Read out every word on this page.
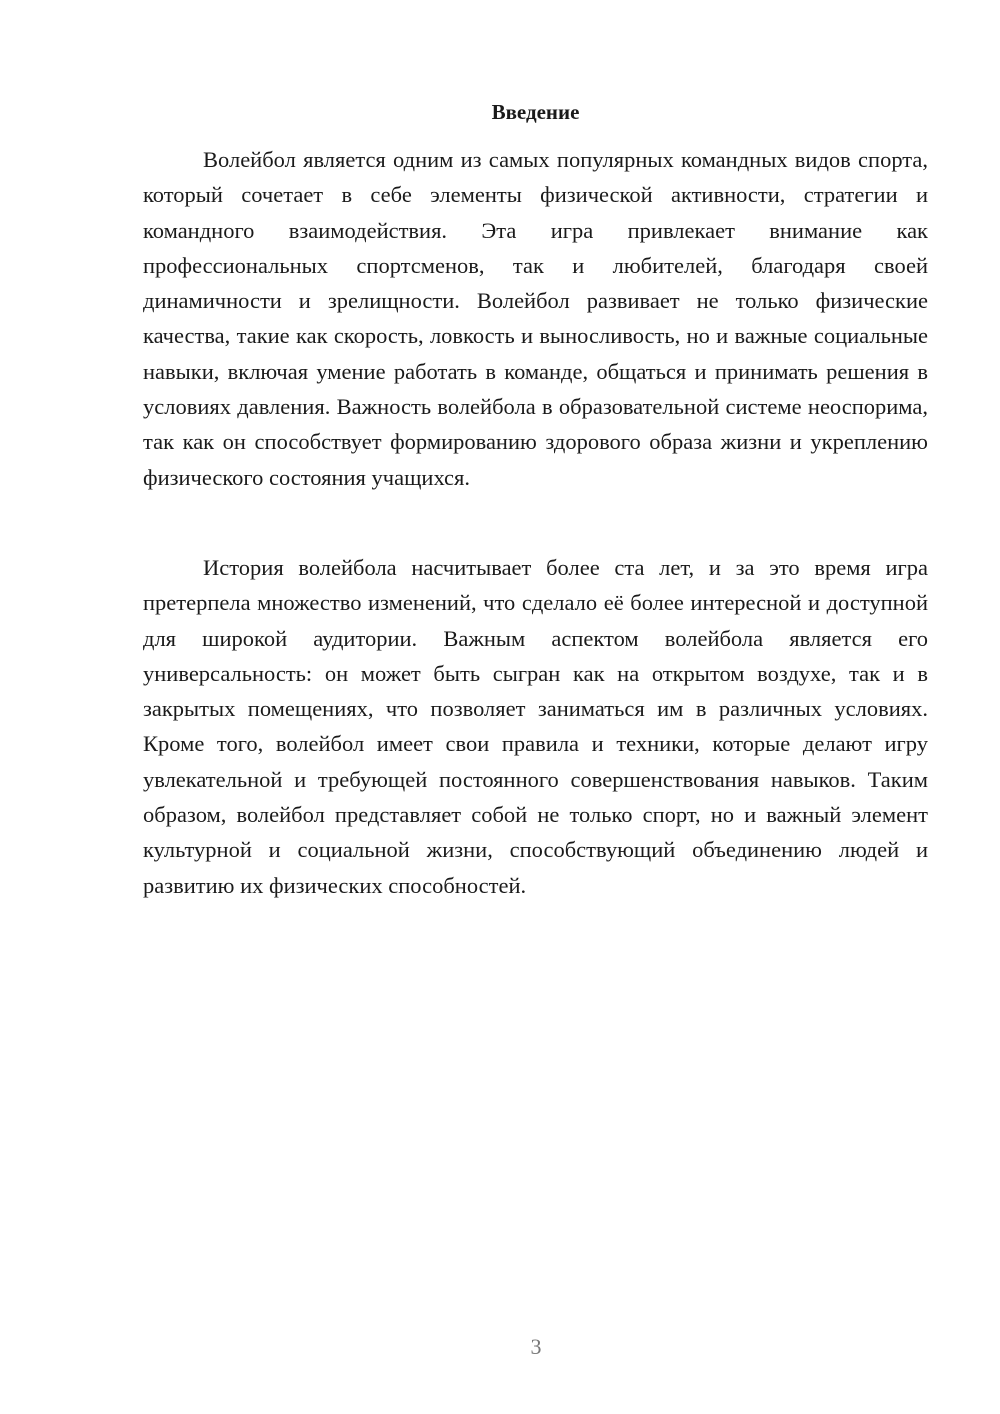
Введение

Волейбол является одним из самых популярных командных видов спорта, который сочетает в себе элементы физической активности, стратегии и командного взаимодействия. Эта игра привлекает внимание как профессиональных спортсменов, так и любителей, благодаря своей динамичности и зрелищности. Волейбол развивает не только физические качества, такие как скорость, ловкость и выносливость, но и важные социальные навыки, включая умение работать в команде, общаться и принимать решения в условиях давления. Важность волейбола в образовательной системе неоспорима, так как он способствует формированию здорового образа жизни и укреплению физического состояния учащихся.

История волейбола насчитывает более ста лет, и за это время игра претерпела множество изменений, что сделало её более интересной и доступной для широкой аудитории. Важным аспектом волейбола является его универсальность: он может быть сыгран как на открытом воздухе, так и в закрытых помещениях, что позволяет заниматься им в различных условиях. Кроме того, волейбол имеет свои правила и техники, которые делают игру увлекательной и требующей постоянного совершенствования навыков. Таким образом, волейбол представляет собой не только спорт, но и важный элемент культурной и социальной жизни, способствующий объединению людей и развитию их физических способностей.

3
